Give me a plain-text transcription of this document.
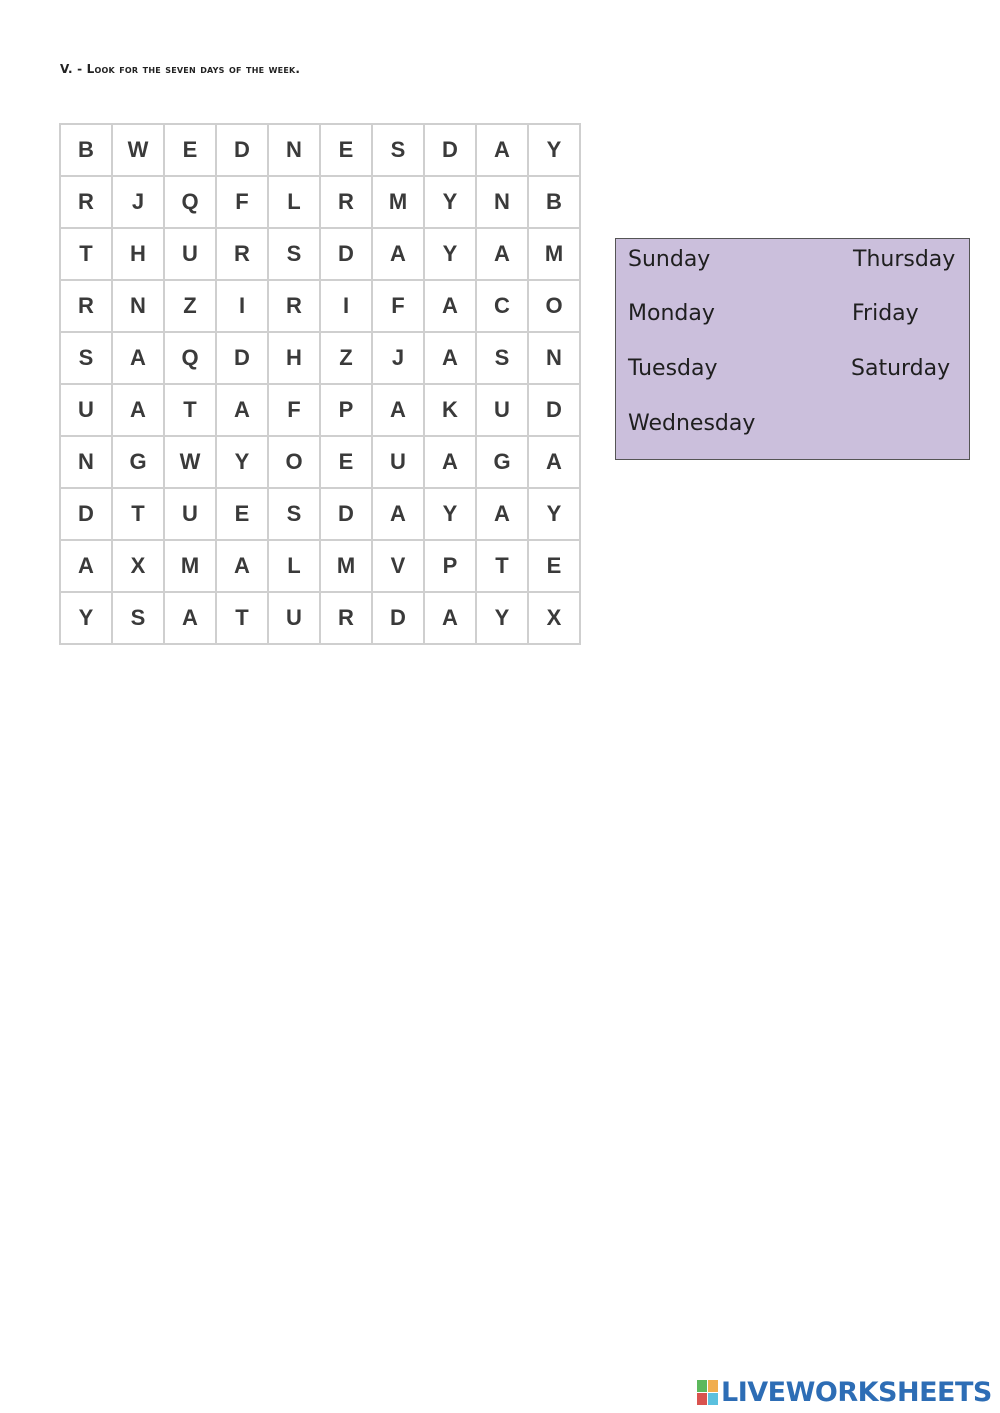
V. - Look for the seven days of the week.
B	W	E	D	N	E	S	D	A	Y
R	J	Q	F	L	R	M	Y	N	B
T	H	U	R	S	D	A	Y	A	M
R	N	Z	I	R	I	F	A	C	O
S	A	Q	D	H	Z	J	A	S	N
U	A	T	A	F	P	A	K	U	D
N	G	W	Y	O	E	U	A	G	A
D	T	U	E	S	D	A	Y	A	Y
A	X	M	A	L	M	V	P	T	E
Y	S	A	T	U	R	D	A	Y	X
Sunday
Monday
Tuesday
Wednesday
Thursday
Friday
Saturday
LIVEWORKSHEETS
